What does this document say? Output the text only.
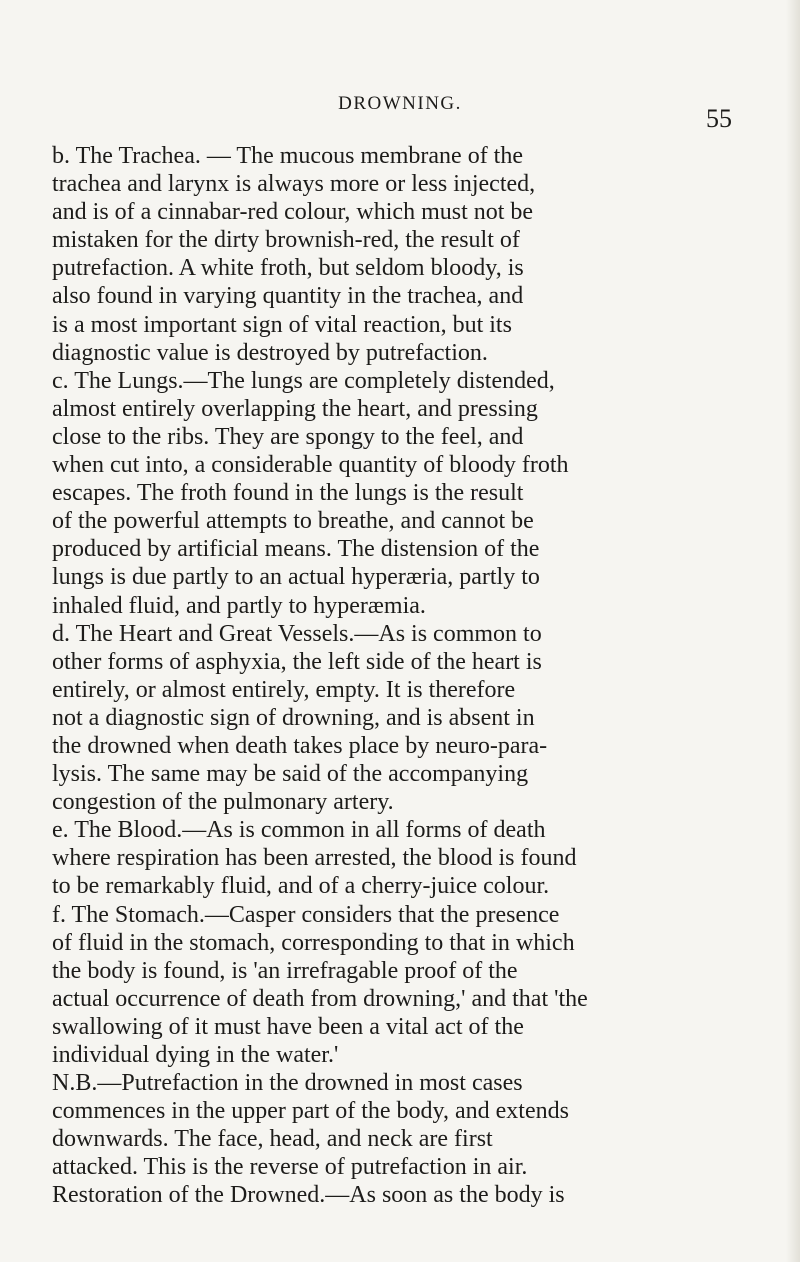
DROWNING.
55
b. The Trachea. — The mucous membrane of the
trachea and larynx is always more or less injected,
and is of a cinnabar-red colour, which must not be
mistaken for the dirty brownish-red, the result of
putrefaction. A white froth, but seldom bloody, is
also found in varying quantity in the trachea, and
is a most important sign of vital reaction, but its
diagnostic value is destroyed by putrefaction.
c. The Lungs.—The lungs are completely distended,
almost entirely overlapping the heart, and pressing
close to the ribs. They are spongy to the feel, and
when cut into, a considerable quantity of bloody froth
escapes. The froth found in the lungs is the result
of the powerful attempts to breathe, and cannot be
produced by artificial means. The distension of the
lungs is due partly to an actual hyperæria, partly to
inhaled fluid, and partly to hyperæmia.
d. The Heart and Great Vessels.—As is common to
other forms of asphyxia, the left side of the heart is
entirely, or almost entirely, empty. It is therefore
not a diagnostic sign of drowning, and is absent in
the drowned when death takes place by neuro-para-
lysis. The same may be said of the accompanying
congestion of the pulmonary artery.
e. The Blood.—As is common in all forms of death
where respiration has been arrested, the blood is found
to be remarkably fluid, and of a cherry-juice colour.
f. The Stomach.—Casper considers that the presence
of fluid in the stomach, corresponding to that in which
the body is found, is 'an irrefragable proof of the
actual occurrence of death from drowning,' and that 'the
swallowing of it must have been a vital act of the
individual dying in the water.'
N.B.—Putrefaction in the drowned in most cases
commences in the upper part of the body, and extends
downwards. The face, head, and neck are first
attacked. This is the reverse of putrefaction in air.
Restoration of the Drowned.—As soon as the body is
